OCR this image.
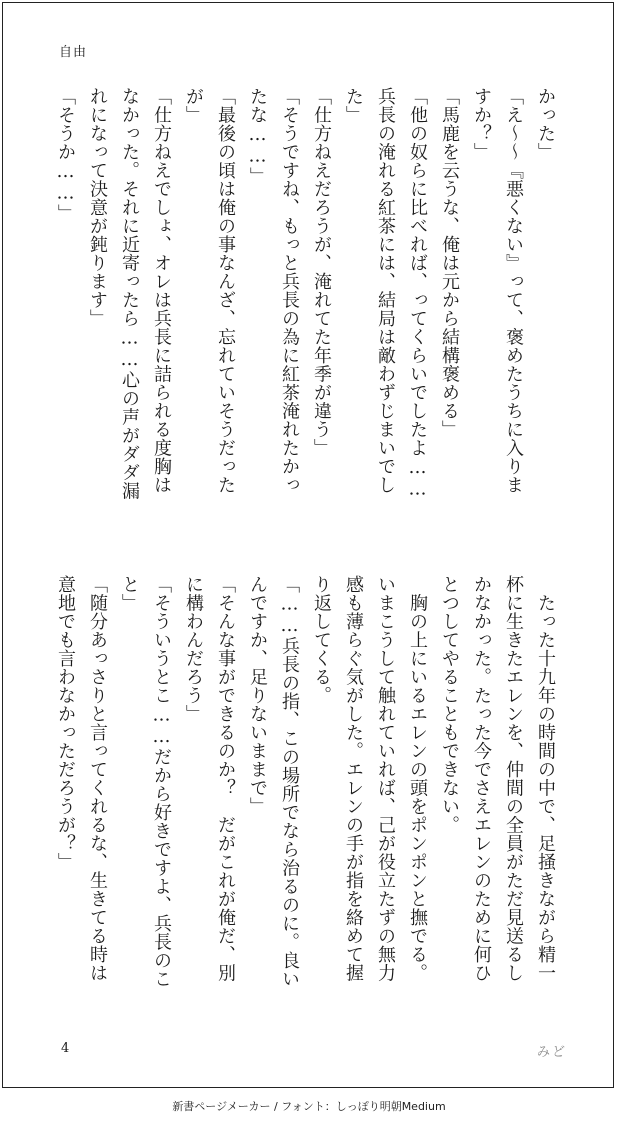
自由
かった」
「え〜〜『悪くない』って、褒めたうちに入りま
すか？」
「馬鹿を云うな、俺は元から結構褒める」
「他の奴らに比べれば、ってくらいでしたよ……
兵長の淹れる紅茶には、結局は敵わずじまいでし
た」
「仕方ねえだろうが、淹れてた年季が違う」
「そうですね、もっと兵長の為に紅茶淹れたかっ
たな……」
「最後の頃は俺の事なんざ、忘れていそうだった
が」
「仕方ねえでしょ、オレは兵長に詰られる度胸は
なかった。それに近寄ったら……心の声がダダ漏
れになって決意が鈍ります」
「そうか……」
　たった十九年の時間の中で、足掻きながら精一
杯に生きたエレンを、仲間の全員がただ見送るし
かなかった。たった今でさえエレンのために何ひ
とつしてやることもできない。
　胸の上にいるエレンの頭をポンポンと撫でる。
いまこうして触れていれば、己が役立たずの無力
感も薄らぐ気がした。エレンの手が指を絡めて握
り返してくる。
「……兵長の指、この場所でなら治るのに。良い
んですか、足りないままで」
「そんな事ができるのか？　だがこれが俺だ、別
に構わんだろう」
「そういうとこ……だから好きですよ、兵長のこ
と」
「随分あっさりと言ってくれるな、生きてる時は
意地でも言わなかっただろうが？」
4	みど
新書ページメーカー / フォント：しっぽり明朝Medium
